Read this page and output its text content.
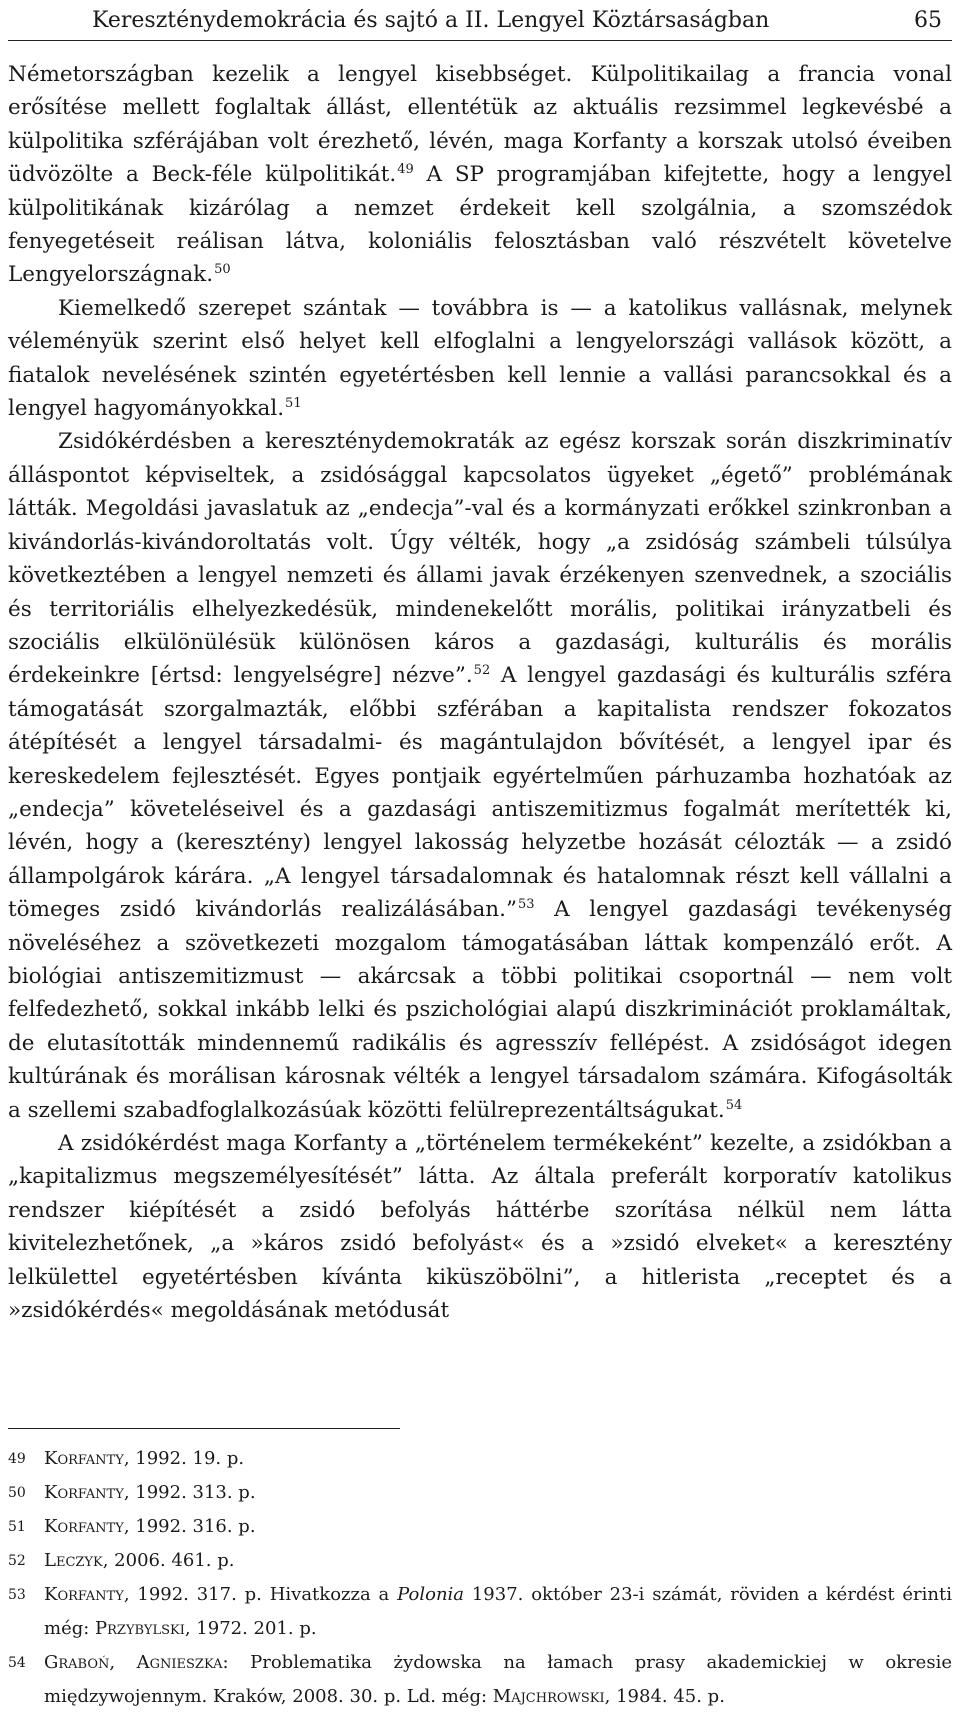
Kereszténydemokrácia és sajtó a II. Lengyel Köztársaságban	65

Németországban kezelik a lengyel kisebbséget. Külpolitikailag a francia vonal erősítése mellett foglaltak állást, ellentétük az aktuális rezsimmel legkevésbé a külpolitika szférájában volt érezhető, lévén, maga Korfanty a korszak utolsó éveiben üdvözölte a Beck-féle külpolitikát.$^{49}$ A SP programjában kifejtette, hogy a lengyel külpolitikának kizárólag a nemzet érdekeit kell szolgálnia, a szomszédok fenyegetéseit reálisan látva, koloniális felosztásban való részvételt követelve Lengyelországnak.$^{50}$

Kiemelkedő szerepet szántak — továbbra is — a katolikus vallásnak, melynek véleményük szerint első helyet kell elfoglalni a lengyelországi vallások között, a fiatalok nevelésének szintén egyetértésben kell lennie a vallási parancsokkal és a lengyel hagyományokkal.$^{51}$

Zsidókérdésben a kereszténydemokraták az egész korszak során diszkriminatív álláspontot képviseltek, a zsidósággal kapcsolatos ügyeket „égető” problémának látták. Megoldási javaslatuk az „endecja”-val és a kormányzati erőkkel szinkronban a kivándorlás-kivándoroltatás volt. Úgy vélték, hogy „a zsidóság számbeli túlsúlya következtében a lengyel nemzeti és állami javak érzékenyen szenvednek, a szociális és territoriális elhelyezkedésük, mindenekelőtt morális, politikai irányzatbeli és szociális elkülönülésük különösen káros a gazdasági, kulturális és morális érdekeinkre [értsd: lengyelségre] nézve”.$^{52}$ A lengyel gazdasági és kulturális szféra támogatását szorgalmazták, előbbi szférában a kapitalista rendszer fokozatos átépítését a lengyel társadalmi- és magántulajdon bővítését, a lengyel ipar és kereskedelem fejlesztését. Egyes pontjaik egyértelműen párhuzamba hozhatóak az „endecja” követeléseivel és a gazdasági antiszemitizmus fogalmát merítették ki, lévén, hogy a (keresztény) lengyel lakosság helyzetbe hozását célozták — a zsidó állampolgárok kárára. „A lengyel társadalomnak és hatalomnak részt kell vállalni a tömeges zsidó kivándorlás realizálásában.”$^{53}$ A lengyel gazdasági tevékenység növeléséhez a szövetkezeti mozgalom támogatásában láttak kompenzáló erőt. A biológiai antiszemitizmust — akárcsak a többi politikai csoportnál — nem volt felfedezhető, sokkal inkább lelki és pszichológiai alapú diszkriminációt proklamáltak, de elutasították mindennemű radikális és agresszív fellépést. A zsidóságot idegen kultúrának és morálisan károsnak vélték a lengyel társadalom számára. Kifogásolták a szellemi szabadfoglalkozásúak közötti felülreprezentáltságukat.$^{54}$

A zsidókérdést maga Korfanty a „történelem termékeként” kezelte, a zsidókban a „kapitalizmus megszemélyesítését” látta. Az általa preferált korporatív katolikus rendszer kiépítését a zsidó befolyás háttérbe szorítása nélkül nem látta kivitelezhetőnek, „a »káros zsidó befolyást« és a »zsidó elveket« a keresztény lelkülettel egyetértésben kívánta kiküszöbölni”, a hitlerista „receptet és a »zsidókérdés« megoldásának metódusát

49	Korfanty, 1992. 19. p.
50	Korfanty, 1992. 313. p.
51	Korfanty, 1992. 316. p.
52	Leczyk, 2006. 461. p.
53	Korfanty, 1992. 317. p. Hivatkozza a Polonia 1937. október 23-i számát, röviden a kérdést érinti még: Przybylski, 1972. 201. p.
54	Graboń, Agnieszka: Problematika żydowska na łamach prasy akademickiej w okresie międzywojennym. Kraków, 2008. 30. p. Ld. még: Majchrowski, 1984. 45. p.
